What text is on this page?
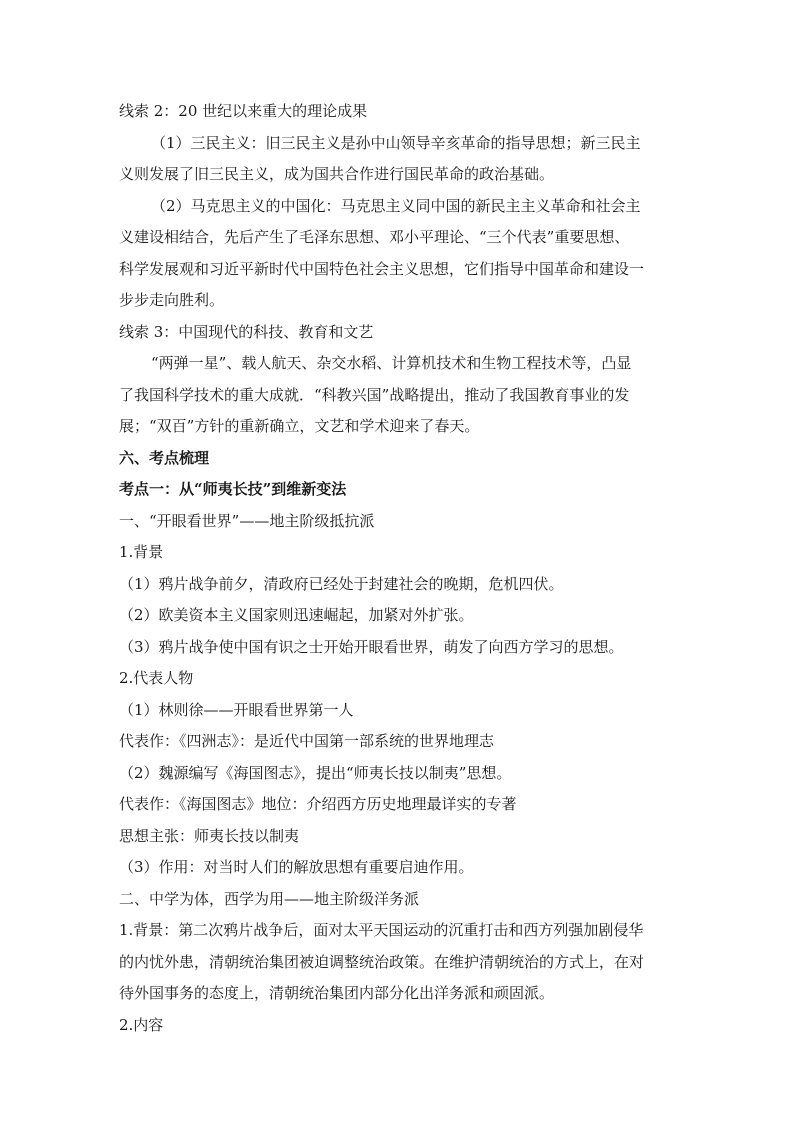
线索 2：20 世纪以来重大的理论成果
（1）三民主义：旧三民主义是孙中山领导辛亥革命的指导思想；新三民主
义则发展了旧三民主义，成为国共合作进行国民革命的政治基础。
（2）马克思主义的中国化：马克思主义同中国的新民主主义革命和社会主
义建设相结合，先后产生了毛泽东思想、邓小平理论、“三个代表”重要思想、
科学发展观和习近平新时代中国特色社会主义思想，它们指导中国革命和建设一
步步走向胜利。
线索 3：中国现代的科技、教育和文艺
“两弹一星”、载人航天、杂交水稻、计算机技术和生物工程技术等，凸显
了我国科学技术的重大成就．“科教兴国”战略提出，推动了我国教育事业的发
展；“双百”方针的重新确立，文艺和学术迎来了春天。
六、考点梳理
考点一：从“师夷长技”到维新变法
一、“开眼看世界”——地主阶级抵抗派
1.背景
（1）鸦片战争前夕，清政府已经处于封建社会的晚期，危机四伏。
（2）欧美资本主义国家则迅速崛起，加紧对外扩张。
（3）鸦片战争使中国有识之士开始开眼看世界，萌发了向西方学习的思想。
2.代表人物
（1）林则徐——开眼看世界第一人
代表作：《四洲志》：是近代中国第一部系统的世界地理志
（2）魏源编写《海国图志》，提出“师夷长技以制夷”思想。
代表作：《海国图志》地位：介绍西方历史地理最详实的专著
思想主张：师夷长技以制夷
（3）作用：对当时人们的解放思想有重要启迪作用。
二、中学为体，西学为用——地主阶级洋务派
1.背景：第二次鸦片战争后，面对太平天国运动的沉重打击和西方列强加剧侵华
的内忧外患，清朝统治集团被迫调整统治政策。在维护清朝统治的方式上，在对
待外国事务的态度上，清朝统治集团内部分化出洋务派和顽固派。
2.内容
